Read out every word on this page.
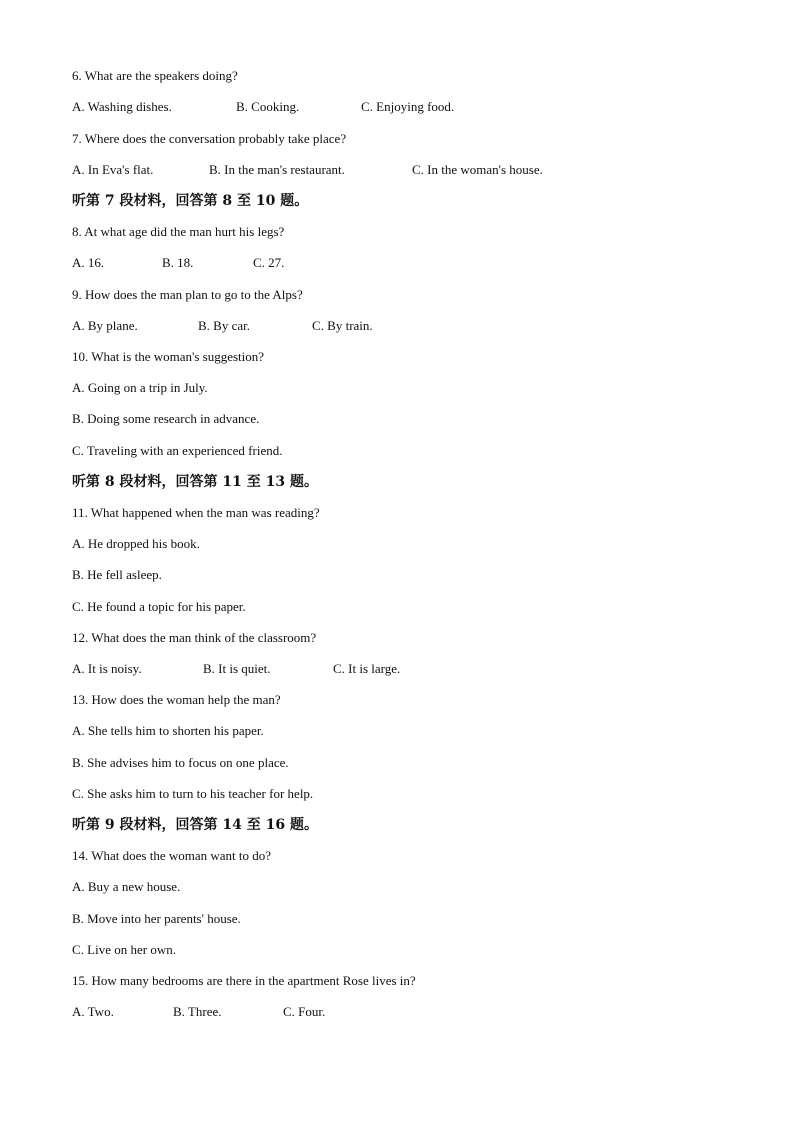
6. What are the speakers doing?
A. Washing dishes.	B. Cooking.	C. Enjoying food.
7. Where does the conversation probably take place?
A. In Eva's flat.	B. In the man's restaurant.	C. In the woman's house.
听第 7 段材料，回答第 8 至 10 题。
8. At what age did the man hurt his legs?
A. 16.	B. 18.	C. 27.
9. How does the man plan to go to the Alps?
A. By plane.	B. By car.	C. By train.
10. What is the woman's suggestion?
A. Going on a trip in July.
B. Doing some research in advance.
C. Traveling with an experienced friend.
听第 8 段材料，回答第 11 至 13 题。
11. What happened when the man was reading?
A. He dropped his book.
B. He fell asleep.
C. He found a topic for his paper.
12. What does the man think of the classroom?
A. It is noisy.	B. It is quiet.	C. It is large.
13. How does the woman help the man?
A. She tells him to shorten his paper.
B. She advises him to focus on one place.
C. She asks him to turn to his teacher for help.
听第 9 段材料，回答第 14 至 16 题。
14. What does the woman want to do?
A. Buy a new house.
B. Move into her parents' house.
C. Live on her own.
15. How many bedrooms are there in the apartment Rose lives in?
A. Two.	B. Three.	C. Four.
